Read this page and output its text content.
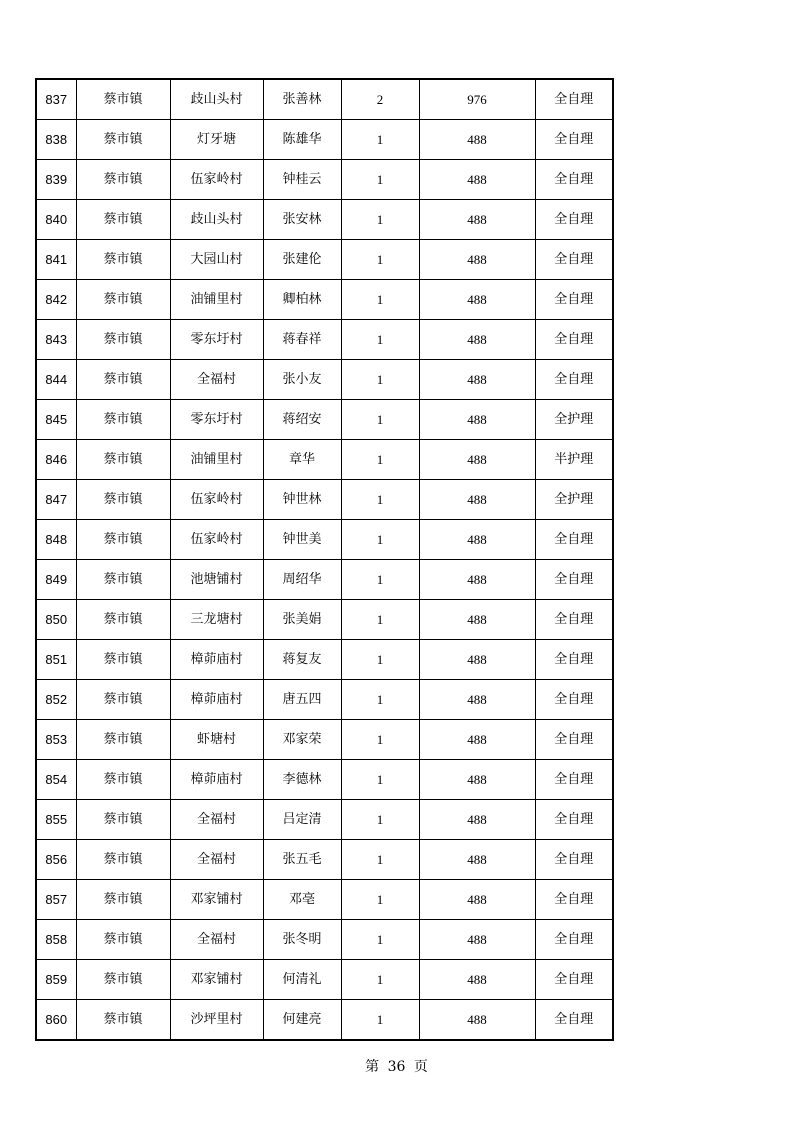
837	蔡市镇	歧山头村	张善林	2	976	全自理
838	蔡市镇	灯牙塘	陈雄华	1	488	全自理
839	蔡市镇	伍家岭村	钟桂云	1	488	全自理
840	蔡市镇	歧山头村	张安林	1	488	全自理
841	蔡市镇	大园山村	张建伦	1	488	全自理
842	蔡市镇	油铺里村	卿柏林	1	488	全自理
843	蔡市镇	零东圩村	蒋春祥	1	488	全自理
844	蔡市镇	全福村	张小友	1	488	全自理
845	蔡市镇	零东圩村	蒋绍安	1	488	全护理
846	蔡市镇	油铺里村	章华	1	488	半护理
847	蔡市镇	伍家岭村	钟世林	1	488	全护理
848	蔡市镇	伍家岭村	钟世美	1	488	全自理
849	蔡市镇	池塘铺村	周绍华	1	488	全自理
850	蔡市镇	三龙塘村	张美娟	1	488	全自理
851	蔡市镇	樟茆庙村	蒋复友	1	488	全自理
852	蔡市镇	樟茆庙村	唐五四	1	488	全自理
853	蔡市镇	虾塘村	邓家荣	1	488	全自理
854	蔡市镇	樟茆庙村	李德林	1	488	全自理
855	蔡市镇	全福村	吕定清	1	488	全自理
856	蔡市镇	全福村	张五毛	1	488	全自理
857	蔡市镇	邓家铺村	邓亳	1	488	全自理
858	蔡市镇	全福村	张冬明	1	488	全自理
859	蔡市镇	邓家铺村	何清礼	1	488	全自理
860	蔡市镇	沙坪里村	何建亮	1	488	全自理
第 36 页
